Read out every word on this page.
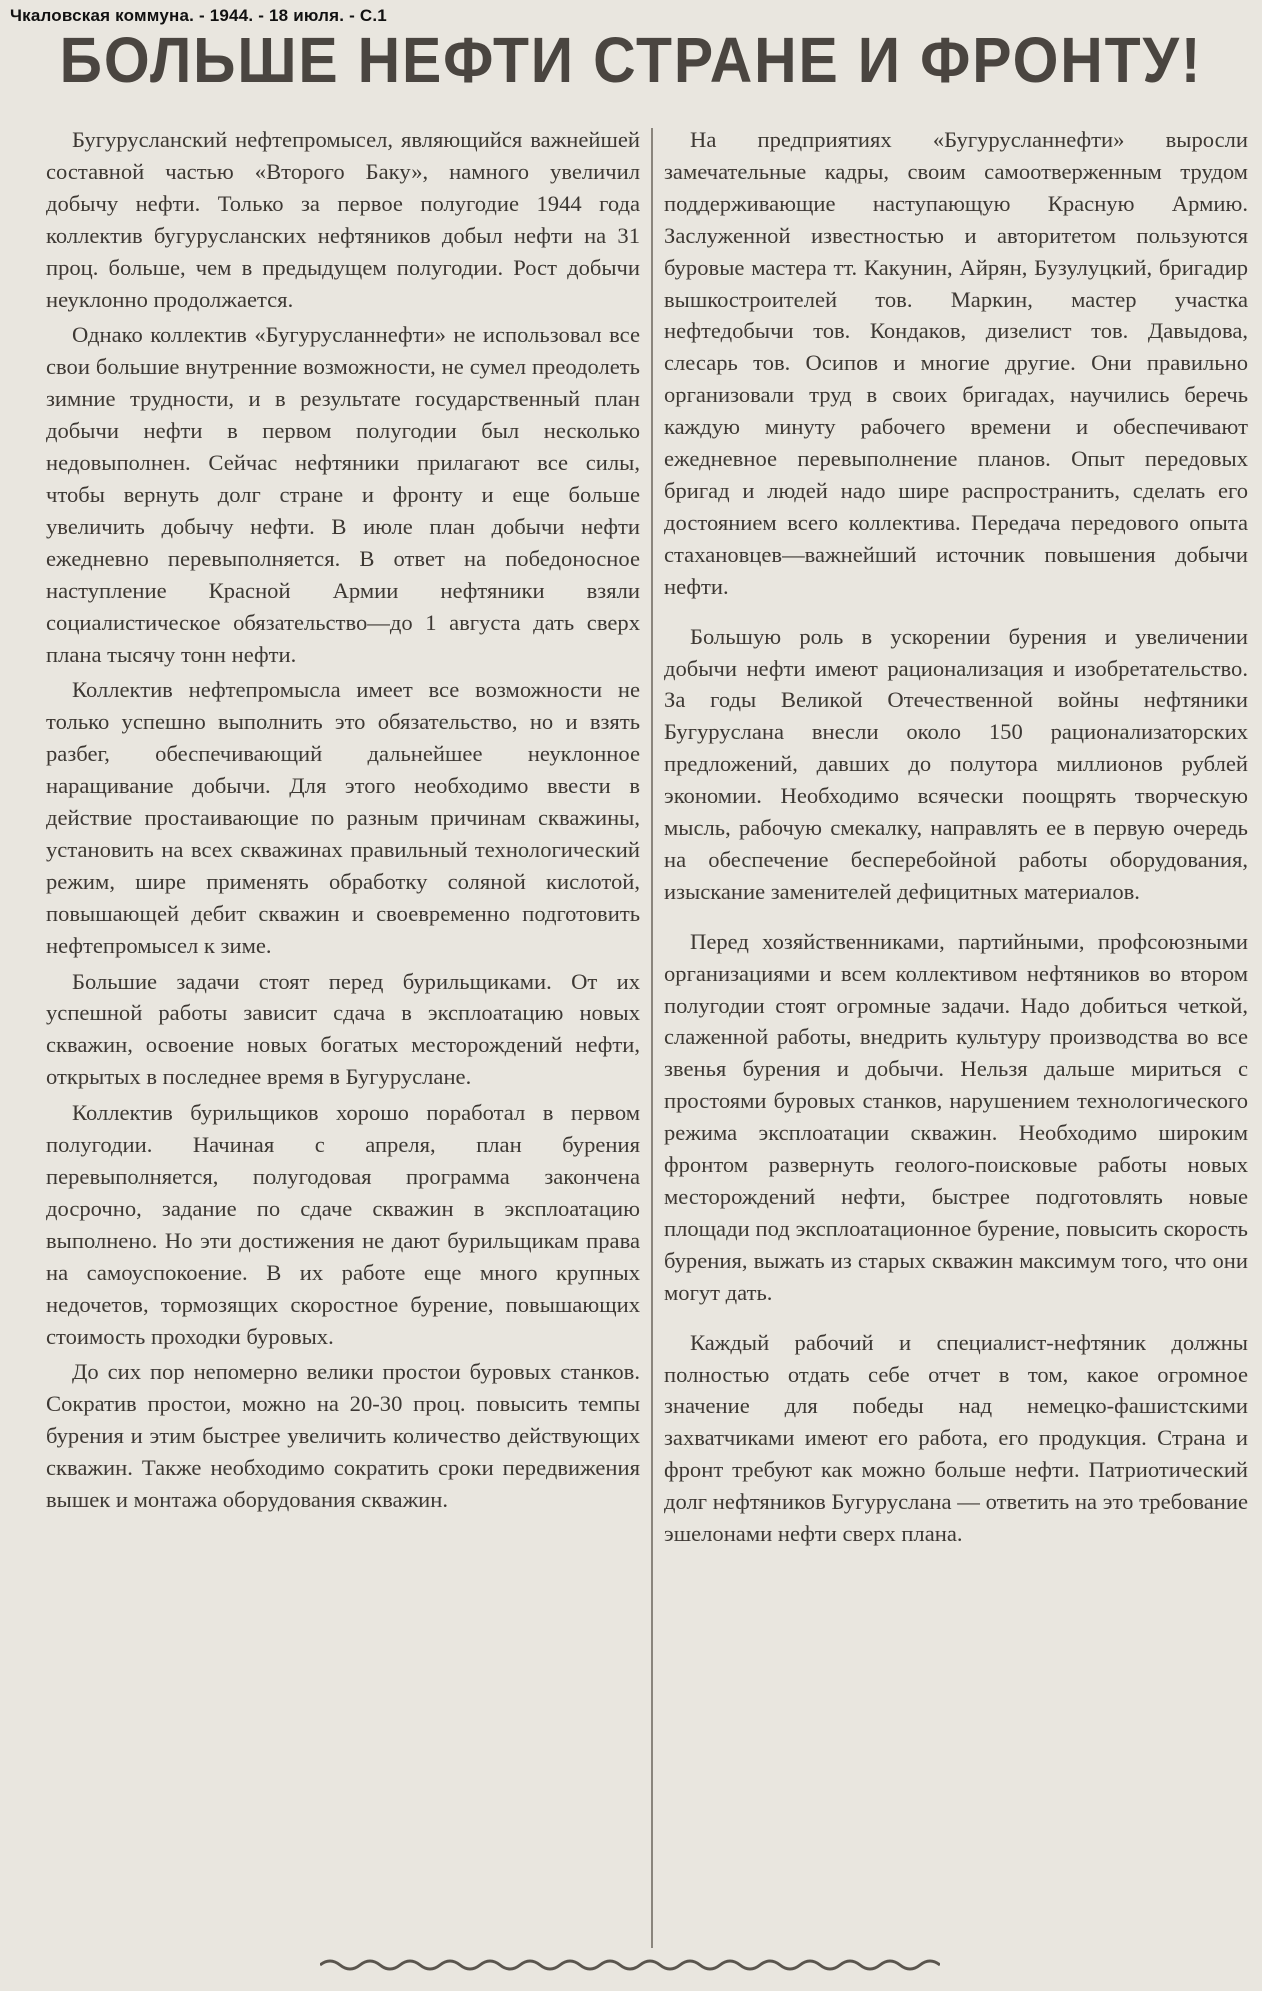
Чкаловская коммуна. - 1944. - 18 июля. - С.1
БОЛЬШЕ НЕФТИ СТРАНЕ И ФРОНТУ!

Бугурусланский нефтепромысел, являющийся важнейшей составной частью «Второго Баку», намного увеличил добычу нефти. Только за первое полугодие 1944 года коллектив бугурусланских нефтяников добыл нефти на 31 проц. больше, чем в предыдущем полугодии. Рост добычи неуклонно продолжается.

Однако коллектив «Бугурусланнефти» не использовал все свои большие внутренние возможности, не сумел преодолеть зимние трудности, и в результате государственный план добычи нефти в первом полугодии был несколько недовыполнен. Сейчас нефтяники прилагают все силы, чтобы вернуть долг стране и фронту и еще больше увеличить добычу нефти. В июле план добычи нефти ежедневно перевыполняется. В ответ на победоносное наступление Красной Армии нефтяники взяли социалистическое обязательство—до 1 августа дать сверх плана тысячу тонн нефти.

Коллектив нефтепромысла имеет все возможности не только успешно выполнить это обязательство, но и взять разбег, обеспечивающий дальнейшее неуклонное наращивание добычи. Для этого необходимо ввести в действие простаивающие по разным причинам скважины, установить на всех скважинах правильный технологический режим, шире применять обработку соляной кислотой, повышающей дебит скважин и своевременно подготовить нефтепромысел к зиме.

Большие задачи стоят перед бурильщиками. От их успешной работы зависит сдача в эксплоатацию новых скважин, освоение новых богатых месторождений нефти, открытых в последнее время в Бугуруслане.

Коллектив бурильщиков хорошо поработал в первом полугодии. Начиная с апреля, план бурения перевыполняется, полугодовая программа закончена досрочно, задание по сдаче скважин в эксплоатацию выполнено. Но эти достижения не дают бурильщикам права на самоуспокоение. В их работе еще много крупных недочетов, тормозящих скоростное бурение, повышающих стоимость проходки буровых.

До сих пор непомерно велики простои буровых станков. Сократив простои, можно на 20-30 проц. повысить темпы бурения и этим быстрее увеличить количество действующих скважин. Также необходимо сократить сроки передвижения вышек и монтажа оборудования скважин.

На предприятиях «Бугурусланнефти» выросли замечательные кадры, своим самоотверженным трудом поддерживающие наступающую Красную Армию. Заслуженной известностью и авторитетом пользуются буровые мастера тт. Какунин, Айрян, Бузулуцкий, бригадир вышкостроителей тов. Маркин, мастер участка нефтедобычи тов. Кондаков, дизелист тов. Давыдова, слесарь тов. Осипов и многие другие. Они правильно организовали труд в своих бригадах, научились беречь каждую минуту рабочего времени и обеспечивают ежедневное перевыполнение планов. Опыт передовых бригад и людей надо шире распространить, сделать его достоянием всего коллектива. Передача передового опыта стахановцев—важнейший источник повышения добычи нефти.

Большую роль в ускорении бурения и увеличении добычи нефти имеют рационализация и изобретательство. За годы Великой Отечественной войны нефтяники Бугуруслана внесли около 150 рационализаторских предложений, давших до полутора миллионов рублей экономии. Необходимо всячески поощрять творческую мысль, рабочую смекалку, направлять ее в первую очередь на обеспечение бесперебойной работы оборудования, изыскание заменителей дефицитных материалов.

Перед хозяйственниками, партийными, профсоюзными организациями и всем коллективом нефтяников во втором полугодии стоят огромные задачи. Надо добиться четкой, слаженной работы, внедрить культуру производства во все звенья бурения и добычи. Нельзя дальше мириться с простоями буровых станков, нарушением технологического режима эксплоатации скважин. Необходимо широким фронтом развернуть геолого-поисковые работы новых месторождений нефти, быстрее подготовлять новые площади под эксплоатационное бурение, повысить скорость бурения, выжать из старых скважин максимум того, что они могут дать.

Каждый рабочий и специалист-нефтяник должны полностью отдать себе отчет в том, какое огромное значение для победы над немецко-фашистскими захватчиками имеют его работа, его продукция. Страна и фронт требуют как можно больше нефти. Патриотический долг нефтяников Бугуруслана — ответить на это требование эшелонами нефти сверх плана.
